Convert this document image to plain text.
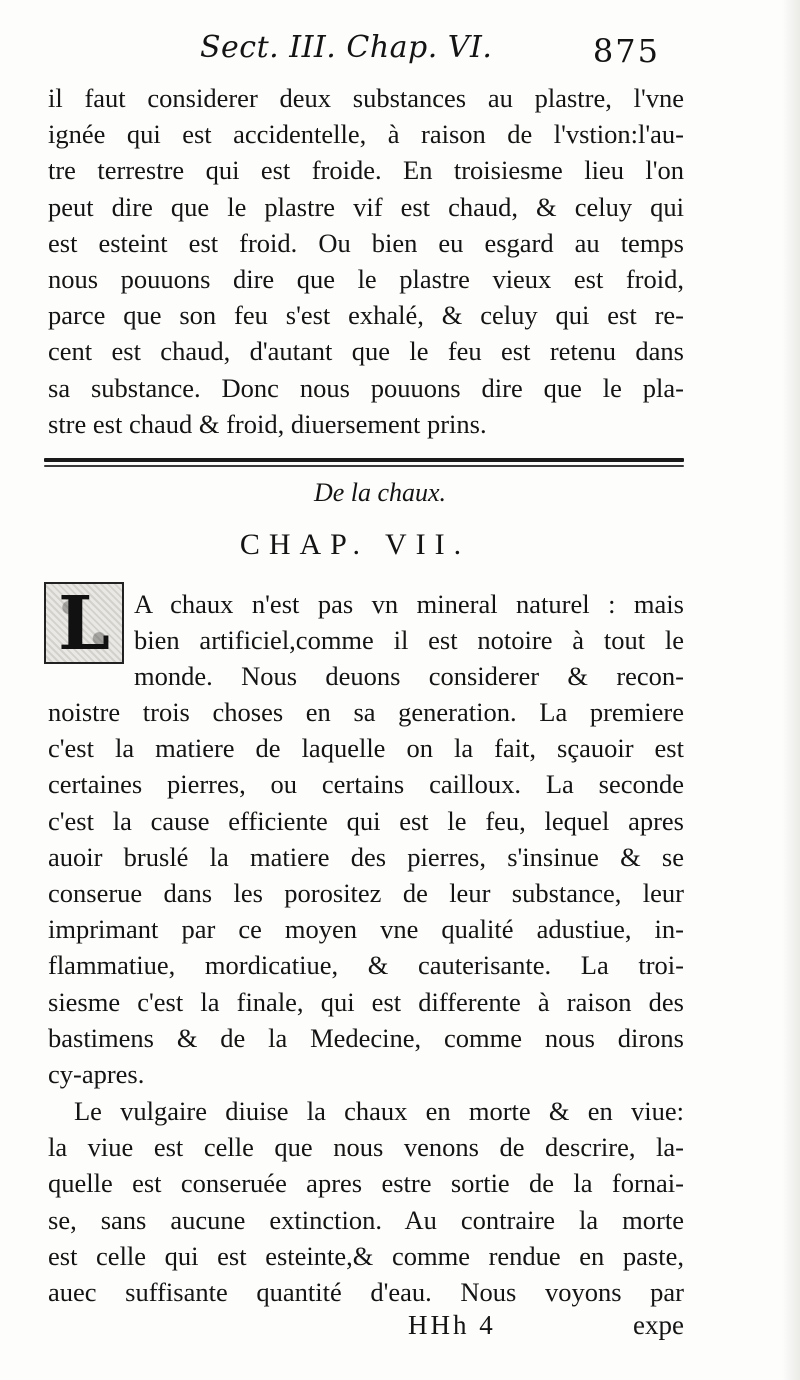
Sect. III. Chap. VI.	875
il faut considerer deux substances au plastre, l'vne
ignée qui est accidentelle, à raison de l'vstion:l'au-
tre terrestre qui est froide. En troisiesme lieu l'on
peut dire que le plastre vif est chaud, & celuy qui
est esteint est froid. Ou bien eu esgard au temps
nous pouuons dire que le plastre vieux est froid,
parce que son feu s'est exhalé, & celuy qui est re-
cent est chaud, d'autant que le feu est retenu dans
sa substance. Donc nous pouuons dire que le pla-
stre est chaud & froid, diuersement prins.
De la chaux.
CHAP. VII.
L A chaux n'est pas vn mineral naturel : mais
bien artificiel,comme il est notoire à tout le
monde. Nous deuons considerer & recon-
noistre trois choses en sa generation. La premiere
c'est la matiere de laquelle on la fait, sçauoir est
certaines pierres, ou certains cailloux. La seconde
c'est la cause efficiente qui est le feu, lequel apres
auoir bruslé la matiere des pierres, s'insinue & se
conserue dans les porositez de leur substance, leur
imprimant par ce moyen vne qualité adustiue, in-
flammatiue, mordicatiue, & cauterisante. La troi-
siesme c'est la finale, qui est differente à raison des
bastimens & de la Medecine, comme nous dirons
cy-apres.
Le vulgaire diuise la chaux en morte & en viue:
la viue est celle que nous venons de descrire, la-
quelle est conseruée apres estre sortie de la fornai-
se, sans aucune extinction. Au contraire la morte
est celle qui est esteinte,& comme rendue en paste,
auec suffisante quantité d'eau. Nous voyons par
HHh 4	expe
